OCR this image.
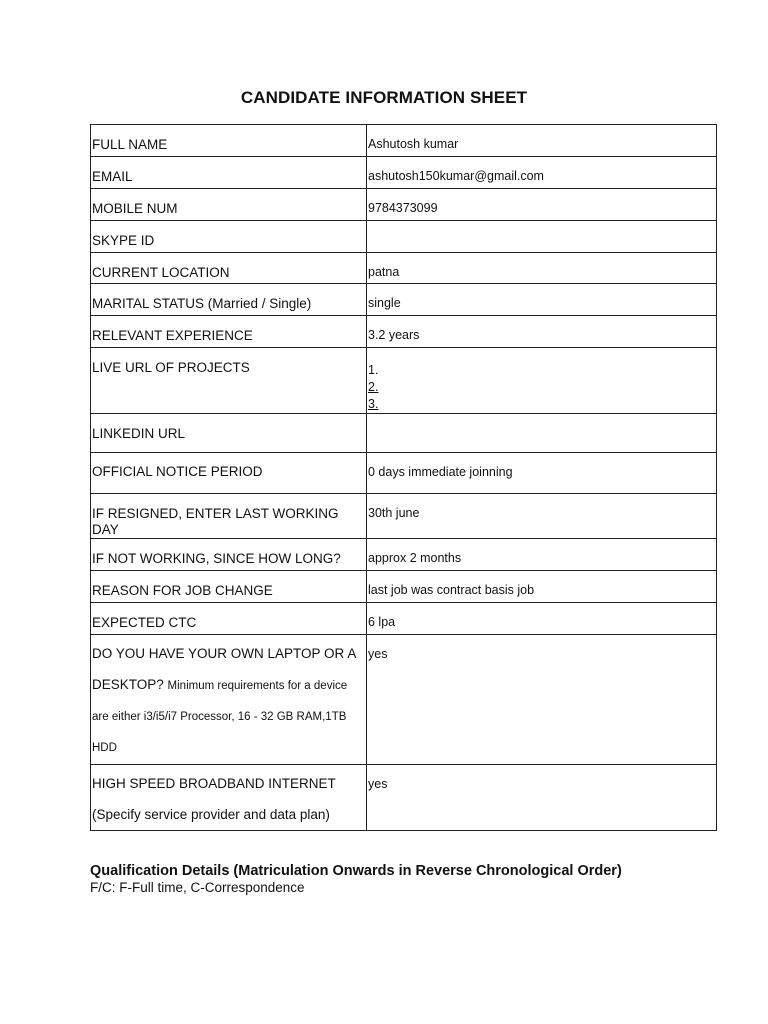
CANDIDATE INFORMATION SHEET
FULL NAME	Ashutosh kumar

EMAIL	ashutosh150kumar@gmail.com

MOBILE NUM	9784373099

SKYPE ID	

CURRENT LOCATION	patna

MARITAL STATUS (Married / Single)	single

RELEVANT EXPERIENCE	3.2 years

LIVE URL OF PROJECTS	1.
2.
3.

LINKEDIN URL	

OFFICIAL NOTICE PERIOD	0 days immediate joinning

IF RESIGNED, ENTER LAST WORKING DAY	30th june

IF NOT WORKING, SINCE HOW LONG?	approx 2 months

REASON FOR JOB CHANGE	last job was contract basis job

EXPECTED CTC	6 lpa

DO YOU HAVE YOUR OWN LAPTOP OR A
DESKTOP? Minimum requirements for a device
are either i3/i5/i7 Processor, 16 - 32 GB RAM,1TB
HDD	yes

HIGH SPEED BROADBAND INTERNET
(Specify service provider and data plan)	yes
Qualification Details (Matriculation Onwards in Reverse Chronological Order)
F/C: F-Full time, C-Correspondence
